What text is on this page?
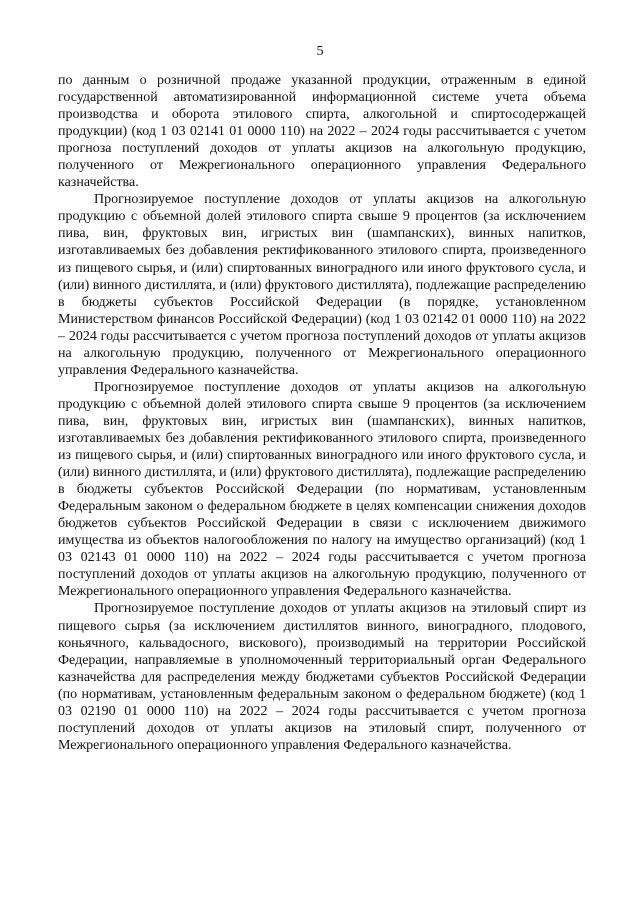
5

по данным о розничной продаже указанной продукции, отраженным в единой государственной автоматизированной информационной системе учета объема производства и оборота этилового спирта, алкогольной и спиртосодержащей продукции) (код 1 03 02141 01 0000 110) на 2022 – 2024 годы рассчитывается с учетом прогноза поступлений доходов от уплаты акцизов на алкогольную продукцию, полученного от Межрегионального операционного управления Федерального казначейства.

Прогнозируемое поступление доходов от уплаты акцизов на алкогольную продукцию с объемной долей этилового спирта свыше 9 процентов (за исключением пива, вин, фруктовых вин, игристых вин (шампанских), винных напитков, изготавливаемых без добавления ректификованного этилового спирта, произведенного из пищевого сырья, и (или) спиртованных виноградного или иного фруктового сусла, и (или) винного дистиллята, и (или) фруктового дистиллята), подлежащие распределению в бюджеты субъектов Российской Федерации (в порядке, установленном Министерством финансов Российской Федерации) (код 1 03 02142 01 0000 110) на 2022 – 2024 годы рассчитывается с учетом прогноза поступлений доходов от уплаты акцизов на алкогольную продукцию, полученного от Межрегионального операционного управления Федерального казначейства.

Прогнозируемое поступление доходов от уплаты акцизов на алкогольную продукцию с объемной долей этилового спирта свыше 9 процентов (за исключением пива, вин, фруктовых вин, игристых вин (шампанских), винных напитков, изготавливаемых без добавления ректификованного этилового спирта, произведенного из пищевого сырья, и (или) спиртованных виноградного или иного фруктового сусла, и (или) винного дистиллята, и (или) фруктового дистиллята), подлежащие распределению в бюджеты субъектов Российской Федерации (по нормативам, установленным Федеральным законом о федеральном бюджете в целях компенсации снижения доходов бюджетов субъектов Российской Федерации в связи с исключением движимого имущества из объектов налогообложения по налогу на имущество организаций) (код 1 03 02143 01 0000 110) на 2022 – 2024 годы рассчитывается с учетом прогноза поступлений доходов от уплаты акцизов на алкогольную продукцию, полученного от Межрегионального операционного управления Федерального казначейства.

Прогнозируемое поступление доходов от уплаты акцизов на этиловый спирт из пищевого сырья (за исключением дистиллятов винного, виноградного, плодового, коньячного, кальвадосного, вискового), производимый на территории Российской Федерации, направляемые в уполномоченный территориальный орган Федерального казначейства для распределения между бюджетами субъектов Российской Федерации (по нормативам, установленным федеральным законом о федеральном бюджете) (код 1 03 02190 01 0000 110) на 2022 – 2024 годы рассчитывается с учетом прогноза поступлений доходов от уплаты акцизов на этиловый спирт, полученного от Межрегионального операционного управления Федерального казначейства.
